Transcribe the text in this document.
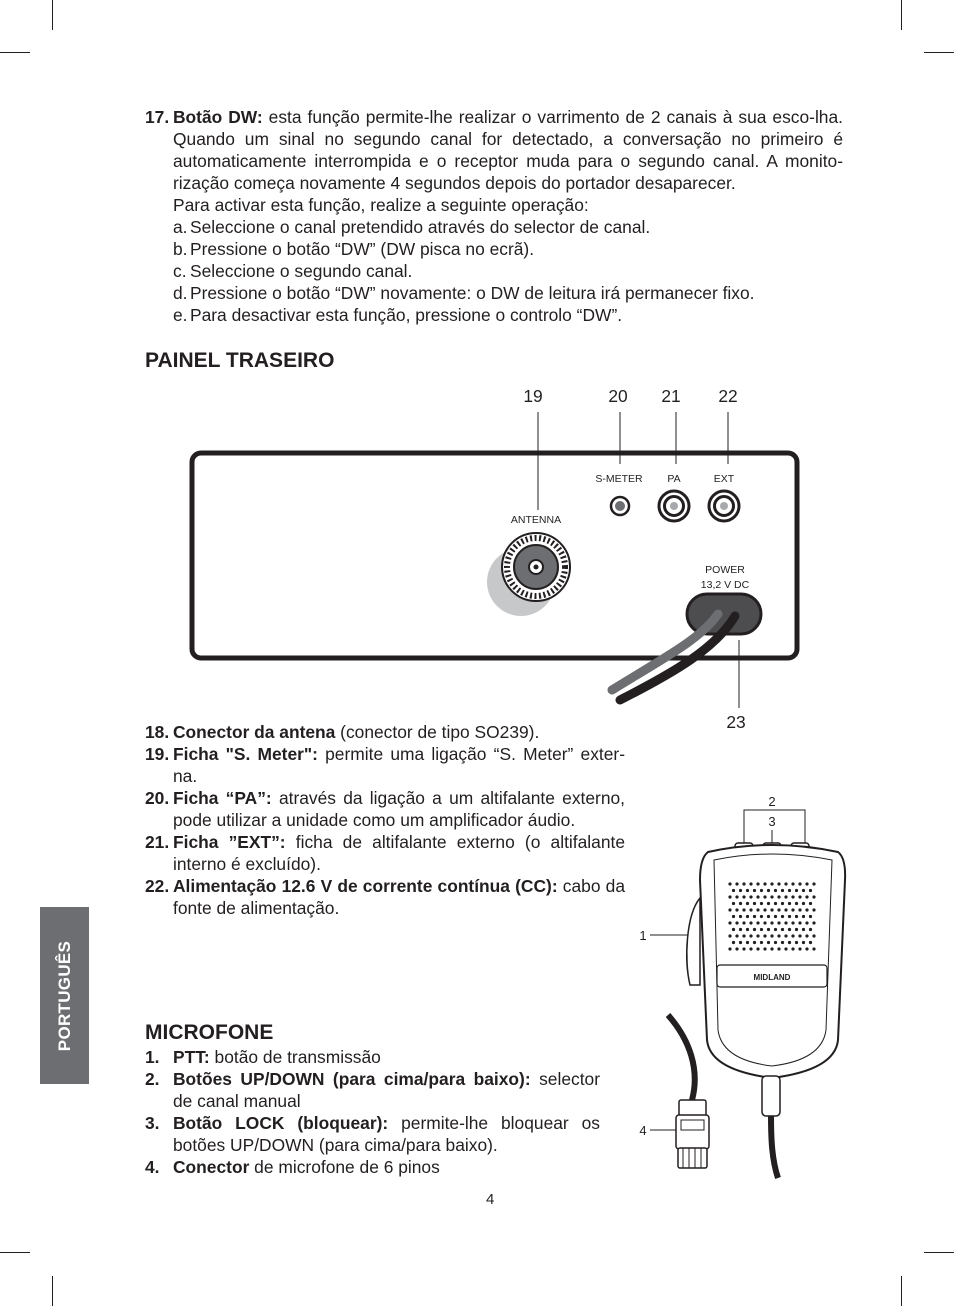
17. Botão DW: esta função permite-lhe realizar o varrimento de 2 canais à sua esco-lha. Quando um sinal no segundo canal for detectado, a conversação no primeiro é automaticamente interrompida e o receptor muda para o segundo canal. A monito-rização começa novamente 4 segundos depois do portador desaparecer.
Para activar esta função, realize a seguinte operação:
a. Seleccione o canal pretendido através do selector de canal.
b. Pressione o botão “DW” (DW pisca no ecrã).
c. Seleccione o segundo canal.
d. Pressione o botão “DW” novamente: o DW de leitura irá permanecer fixo.
e. Para desactivar esta função, pressione o controlo “DW”.
PAINEL TRASEIRO
19	20 21 22
23
S-METER PA	EXT
ANTENNA
POWER
13,2 V DC
18. Conector da antena (conector de tipo SO239).
19. Ficha "S. Meter": permite uma ligação “S. Meter” exter-na.
20. Ficha “PA”: através da ligação a um altifalante externo, pode utilizar a unidade como um amplificador áudio.
21. Ficha ”EXT”: ficha de altifalante externo (o altifalante interno é excluído).
22. Alimentação 12.6 V de corrente contínua (CC): cabo da fonte de alimentação.
PORTUGUÊS	MICROFONE
1. PTT: botão de transmissão
2. Botões UP/DOWN (para cima/para baixo): selector de canal manual
3. Botão LOCK (bloquear): permite-lhe bloquear os botões UP/DOWN (para cima/para baixo).
4. Conector de microfone de 6 pinos
2
3
1
4
MIDLAND
4
